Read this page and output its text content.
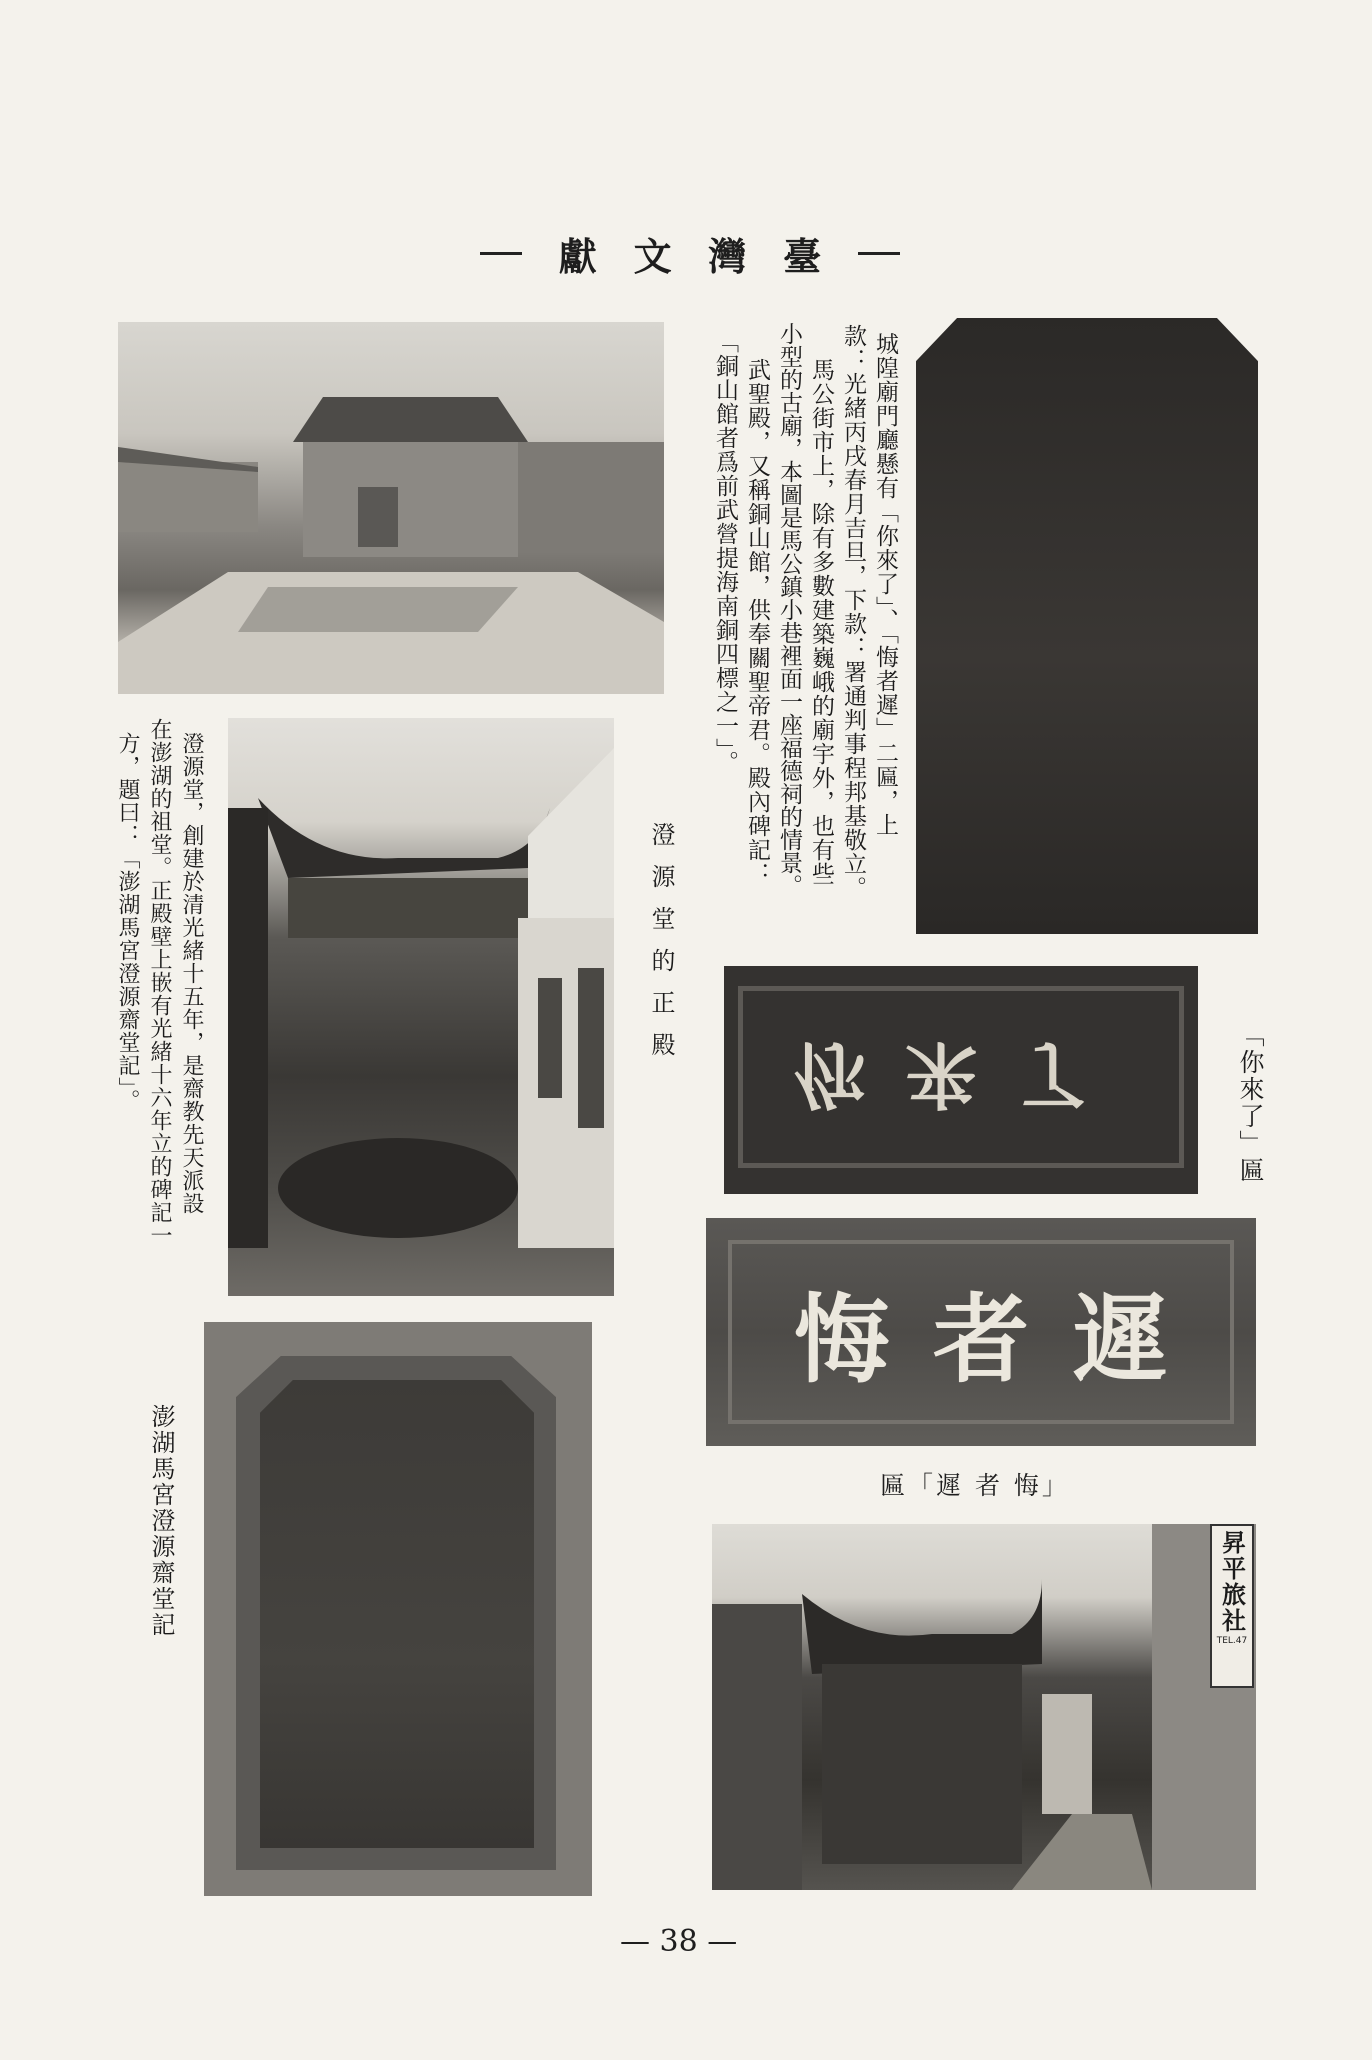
獻 文 灣 臺
城隍廟門廳懸有「你來了」、「悔者遲」二匾，上
款：光緒丙戌春月吉旦，下款：署通判事程邦基敬立。
馬公街市上，除有多數建築巍峨的廟宇外，也有些
小型的古廟，本圖是馬公鎮小巷裡面一座福德祠的情景。
武聖殿，又稱銅山館，供奉關聖帝君。殿內碑記：
「銅山館者爲前武營提海南銅四標之一」。
澄源堂的正殿
澄源堂，創建於清光緒十五年，是齋教先天派設
在澎湖的祖堂。正殿壁上嵌有光緒十六年立的碑記一
方，題曰：「澎湖馬宮澄源齋堂記」。	你来了	「你來了」匾
悔者遲
匾「遲 者 悔」
澎湖馬宮澄源齋堂記	昇平旅社
TEL.47
— 38 —
